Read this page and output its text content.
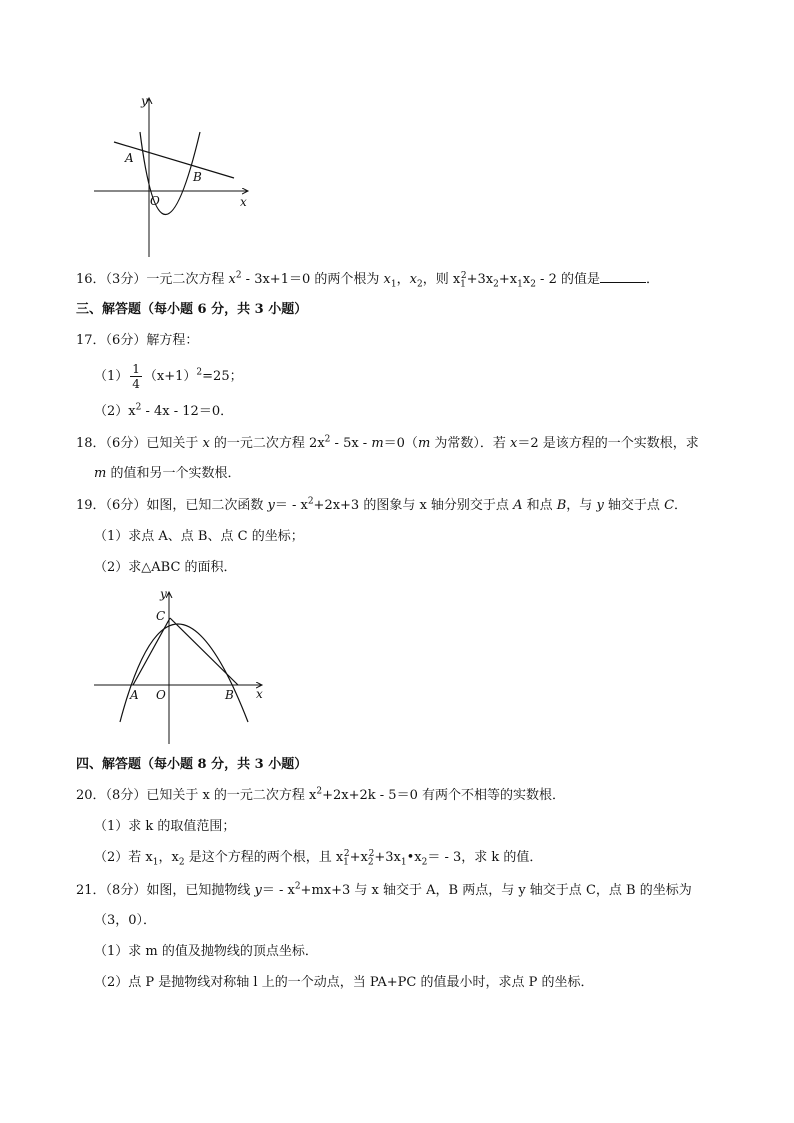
y
x
O
A
B
16．（3分）一元二次方程 $x^2 - 3x+1=0$ 的两个根为 $x_1$，$x_2$，则 $x_1^2+3x_2+x_1x_2 - 2$ 的值是	．
三、解答题（每小题 6 分，共 3 小题）
17．（6分）解方程：
$(1) \frac{1}{4} (x+1)^2=25$；
$(2)x^2 - 4x - 12=0$．
18．（6分）已知关于 x 的一元二次方程 $2x^2 - 5x - m=0(m$ 为常数）．若 x＝2 是该方程的一个实数根，求
m 的值和另一个实数根．
19．（6分）如图，已知二次函数 $y= - x^2+2x+3$ 的图象与 x 轴分别交于点 A 和点 B，与 y 轴交于点 C．
（1）求点 A、点 B、点 C 的坐标；
（2）求△ABC 的面积．
y
x
O
A	B
C
四、解答题（每小题 8 分，共 3 小题）
20．（8分）已知关于 x 的一元二次方程 $x^2+2x+2k - 5=0$ 有两个不相等的实数根．
（1）求 k 的取值范围；
（2）若 $x_1$，$x_2$ 是这个方程的两个根，且 $x_1^2+x_2^2+3x_1•x_2= - 3$，求 k 的值．
21．（8分）如图，已知抛物线 $y= - x^2+mx+3$ 与 x 轴交于 A，B 两点，与 y 轴交于点 C，点 B 的坐标为
（3，0）．
（1）求 m 的值及抛物线的顶点坐标．
（2）点 P 是抛物线对称轴 l 上的一个动点，当 PA+PC 的值最小时，求点 P 的坐标．
